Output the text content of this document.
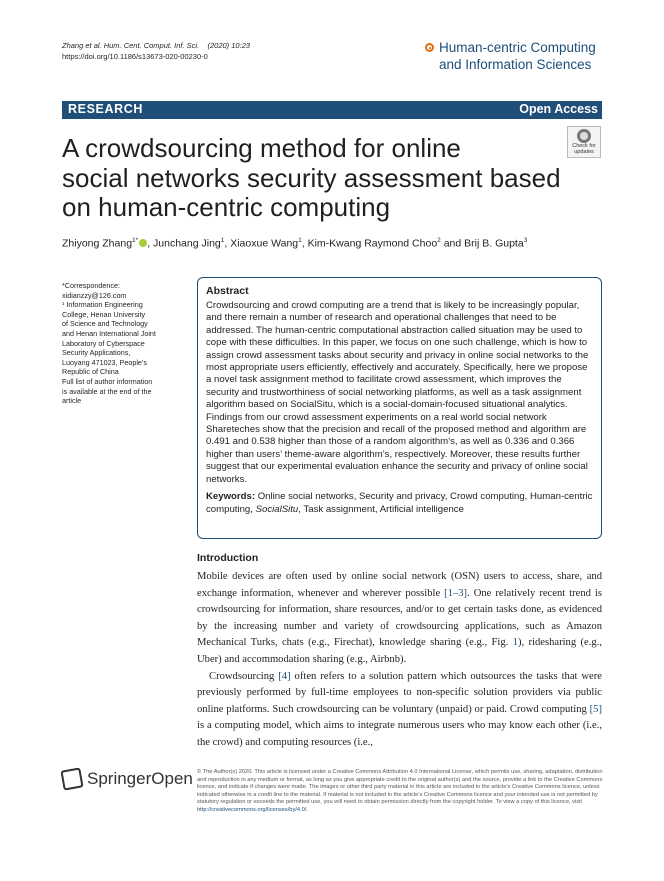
Zhang et al. Hum. Cent. Comput. Inf. Sci. (2020) 10:23
https://doi.org/10.1186/s13673-020-00230-0
Human-centric Computing
and Information Sciences
RESEARCH	Open Access
Check for
updates
A crowdsourcing method for online
social networks security assessment based
on human-centric computing
Zhiyong Zhang$^{1*}$ , Junchang Jing$^1$, Xiaoxue Wang$^1$, Kim-Kwang Raymond Choo$^2$ and Brij B. Gupta$^3$
*Correspondence:
xidianzzy@126.com
¹ Information Engineering
College, Henan University
of Science and Technology
and Henan International Joint
Laboratory of Cyberspace
Security Applications,
Luoyang 471023, People’s
Republic of China
Full list of author information
is available at the end of the
article
Abstract
Crowdsourcing and crowd computing are a trend that is likely to be increasingly popular, and there remain a number of research and operational challenges that need to be addressed. The human-centric computational abstraction called situation may be used to cope with these difficulties. In this paper, we focus on one such challenge, which is how to assign crowd assessment tasks about security and privacy in online social networks to the most appropriate users efficiently, effectively and accurately. Specifically, here we propose a novel task assignment method to facilitate crowd assessment, which improves the security and trustworthiness of social networking platforms, as well as a task assignment algorithm based on SocialSitu, which is a social-domain-focused situational analytics. Findings from our crowd assessment experiments on a real world social network Shareteches show that the precision and recall of the proposed method and algorithm are 0.491 and 0.538 higher than those of a random algorithm’s, as well as 0.336 and 0.366 higher than users’ theme-aware algorithm’s, respectively. Moreover, these results further suggest that our experimental evaluation enhance the security and privacy of online social networks.
Keywords: Online social networks, Security and privacy, Crowd computing, Human-centric computing, SocialSitu, Task assignment, Artificial intelligence
Introduction

Mobile devices are often used by online social network (OSN) users to access, share, and exchange information, whenever and wherever possible [1–3]. One relatively recent trend is crowdsourcing for information, share resources, and/or to get certain tasks done, as evidenced by the increasing number and variety of crowdsourcing applications, such as Amazon Mechanical Turks, chats (e.g., Firechat), knowledge sharing (e.g., Fig. 1), ridesharing (e.g., Uber) and accommodation sharing (e.g., Airbnb).

Crowdsourcing [4] often refers to a solution pattern which outsources the tasks that were previously performed by full-time employees to non-specific solution providers via public online platforms. Such crowdsourcing can be voluntary (unpaid) or paid. Crowd computing [5] is a computing model, which aims to integrate numerous users who may know each other (i.e., the crowd) and computing resources (i.e.,

SpringerOpen © The Author(s) 2020. This article is licensed under a Creative Commons Attribution 4.0 International License, which permits use, sharing, adaptation, distribution and reproduction in any medium or format, as long as you give appropriate credit to the original author(s) and the source, provide a link to the Creative Commons licence, and indicate if changes were made. The images or other third party material in this article are included in the article’s Creative Commons licence, unless indicated otherwise in a credit line to the material. If material is not included in the article’s Creative Commons licence and your intended use is not permitted by statutory regulation or exceeds the permitted use, you will need to obtain permission directly from the copyright holder. To view a copy of this licence, visit http://creativecommons.org/licenses/by/4.0/.
